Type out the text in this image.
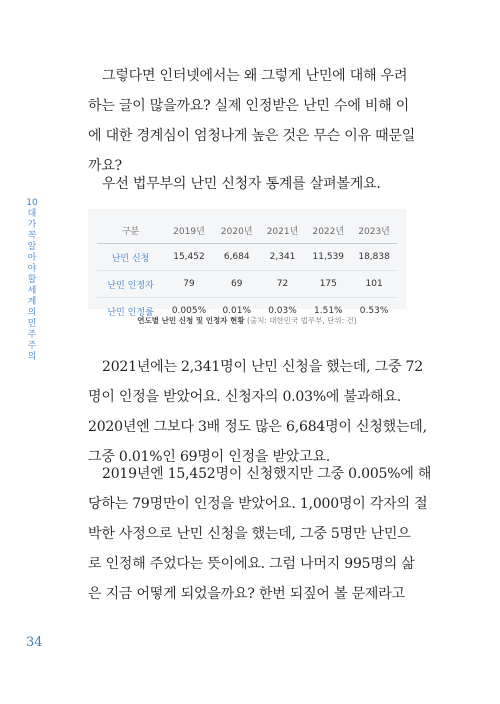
그렇다면 인터넷에서는 왜 그렇게 난민에 대해 우려
하는 글이 많을까요? 실제 인정받은 난민 수에 비해 이
에 대한 경계심이 엄청나게 높은 것은 무슨 이유 때문일
까요?
우선 법무부의 난민 신청자 통계를 살펴볼게요.
10대가 꼭 알아야 할 세계의 민주주의
구분	2019년	2020년	2021년	2022년	2023년
난민 신청	15,452	6,684	2,341	11,539	18,838
난민 인정자	79	69	72	175	101
난민 인정률	0.005%	0.01%	0.03%	1.51%	0.53%
연도별 난민 신청 및 인정자 현황 (출처: 대한민국 법무부, 단위: 건)
2021년에는 2,341명이 난민 신청을 했는데, 그중 72
명이 인정을 받았어요. 신청자의 0.03%에 불과해요.
2020년엔 그보다 3배 정도 많은 6,684명이 신청했는데,
그중 0.01%인 69명이 인정을 받았고요.
2019년엔 15,452명이 신청했지만 그중 0.005%에 해
당하는 79명만이 인정을 받았어요. 1,000명이 각자의 절
박한 사정으로 난민 신청을 했는데, 그중 5명만 난민으
로 인정해 주었다는 뜻이에요. 그럼 나머지 995명의 삶
은 지금 어떻게 되었을까요? 한번 되짚어 볼 문제라고
34
